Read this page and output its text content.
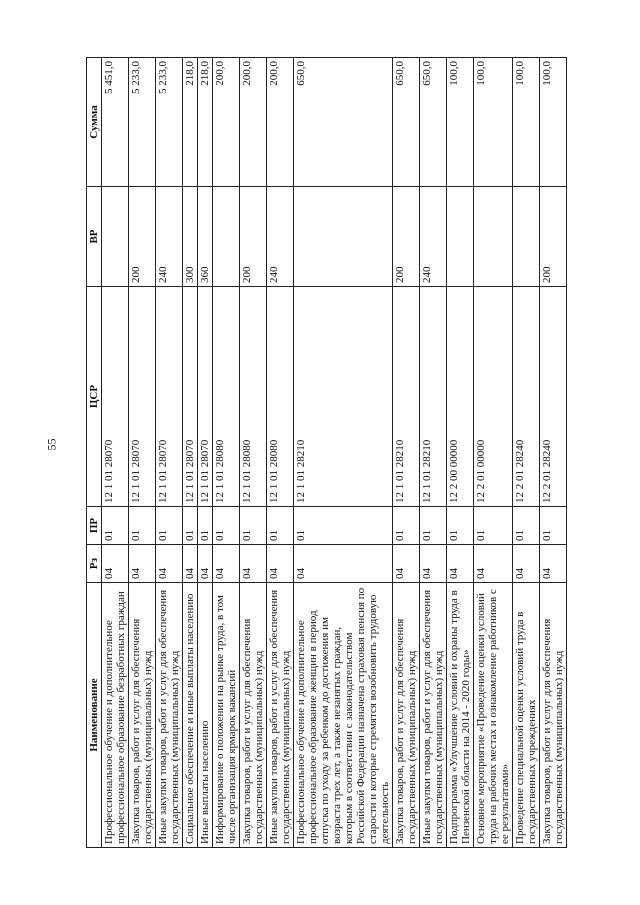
55
Наименование	Рз	ПР	ЦСР	ВР	Сумма
Профессиональное обучение и дополнительное профессиональное образование безработных граждан	04	01	12 1 01 28070		5 451,0
Закупка товаров, работ и услуг для обеспечения государственных (муниципальных) нужд	04	01	12 1 01 28070	200	5 233,0
Иные закупки товаров, работ и услуг для обеспечения государственных (муниципальных) нужд	04	01	12 1 01 28070	240	5 233,0
Социальное обеспечение и иные выплаты населению	04	01	12 1 01 28070	300	218,0
Иные выплаты населению	04	01	12 1 01 28070	360	218,0
Информирование о положении на рынке труда, в том числе организация ярмарок вакансий	04	01	12 1 01 28080		200,0
Закупка товаров, работ и услуг для обеспечения государственных (муниципальных) нужд	04	01	12 1 01 28080	200	200,0
Иные закупки товаров, работ и услуг для обеспечения государственных (муниципальных) нужд	04	01	12 1 01 28080	240	200,0
Профессиональное обучение и дополнительное профессиональное образование женщин в период отпуска по уходу за ребенком до достижения им возраста трех лет, а также незанятых граждан, которым в соответствии с законодательством Российской Федерации назначена страховая пенсия по старости и которые стремятся возобновить трудовую деятельность	04	01	12 1 01 28210		650,0
Закупка товаров, работ и услуг для обеспечения государственных (муниципальных) нужд	04	01	12 1 01 28210	200	650,0
Иные закупки товаров, работ и услуг для обеспечения государственных (муниципальных) нужд	04	01	12 1 01 28210	240	650,0
Подпрограмма «Улучшение условий и охраны труда в Пензенской области на 2014 - 2020 годы»	04	01	12 2 00 00000		100,0
Основное мероприятие «Проведение оценки условий труда на рабочих местах и ознакомление работников с ее результатами»	04	01	12 2 01 00000		100,0
Проведение специальной оценки условий труда в государственных учреждениях	04	01	12 2 01 28240		100,0
Закупка товаров, работ и услуг для обеспечения государственных (муниципальных) нужд	04	01	12 2 01 28240	200	100,0
